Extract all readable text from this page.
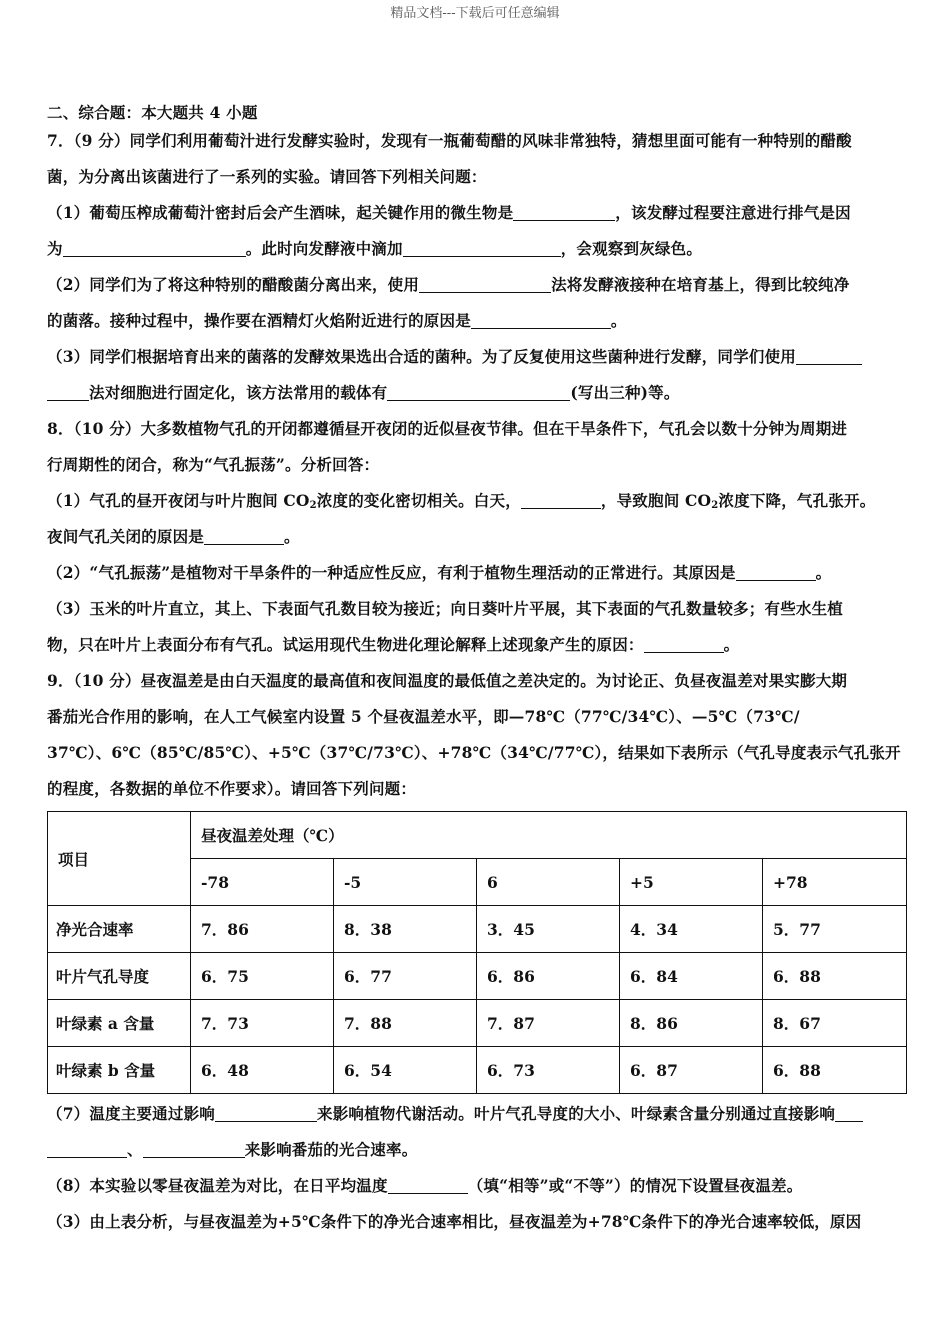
精品文档---下载后可任意编辑
二、综合题：本大题共 4 小题
7．（9 分）同学们利用葡萄汁进行发酵实验时，发现有一瓶葡萄醋的风味非常独特，猜想里面可能有一种特别的醋酸
菌，为分离出该菌进行了一系列的实验。请回答下列相关问题：
（1）葡萄压榨成葡萄汁密封后会产生酒味，起关键作用的微生物是	，该发酵过程要注意进行排气是因
为	。此时向发酵液中滴加	，会观察到灰绿色。
（2）同学们为了将这种特别的醋酸菌分离出来，使用	法将发酵液接种在培育基上，得到比较纯净
的菌落。接种过程中，操作要在酒精灯火焰附近进行的原因是	。
（3）同学们根据培育出来的菌落的发酵效果选出合适的菌种。为了反复使用这些菌种进行发酵，同学们使用
法对细胞进行固定化，该方法常用的载体有	(写出三种)等。
8．（10 分）大多数植物气孔的开闭都遵循昼开夜闭的近似昼夜节律。但在干旱条件下，气孔会以数十分钟为周期进
行周期性的闭合，称为“气孔振荡”。分析回答：
（1）气孔的昼开夜闭与叶片胞间 $CO_2$浓度的变化密切相关。白天，	，导致胞间 $CO_2$浓度下降，气孔张开。
夜间气孔关闭的原因是	。
（2）“气孔振荡”是植物对干旱条件的一种适应性反应，有利于植物生理活动的正常进行。其原因是	。
（3）玉米的叶片直立，其上、下表面气孔数目较为接近；向日葵叶片平展，其下表面的气孔数量较多；有些水生植
物，只在叶片上表面分布有气孔。试运用现代生物进化理论解释上述现象产生的原因：	。
9．（10 分）昼夜温差是由白天温度的最高值和夜间温度的最低值之差决定的。为讨论正、负昼夜温差对果实膨大期
番茄光合作用的影响，在人工气候室内设置 5 个昼夜温差水平，即—78℃（77℃/34℃）、—5℃（73℃/
37℃）、6℃（85℃/85℃）、+5℃（37℃/73℃）、+78℃（34℃/77℃），结果如下表所示（气孔导度表示气孔张开
的程度，各数据的单位不作要求）。请回答下列问题：
项目	昼夜温差处理（℃）				
	-78	-5	6	+5	+78
净光合速率	7．86	8．38	3．45	4．34	5．77
叶片气孔导度	6．75	6．77	6．86	6．84	6．88
叶绿素 a 含量	7．73	7．88	7．87	8．86	8．67
叶绿素 b 含量	6．48	6．54	6．73	6．87	6．88
（7）温度主要通过影响	来影响植物代谢活动。叶片气孔导度的大小、叶绿素含量分别通过直接影响
、	来影响番茄的光合速率。
（8）本实验以零昼夜温差为对比，在日平均温度	（填“相等”或“不等”）的情况下设置昼夜温差。
（3）由上表分析，与昼夜温差为+5℃条件下的净光合速率相比，昼夜温差为+78℃条件下的净光合速率较低，原因
